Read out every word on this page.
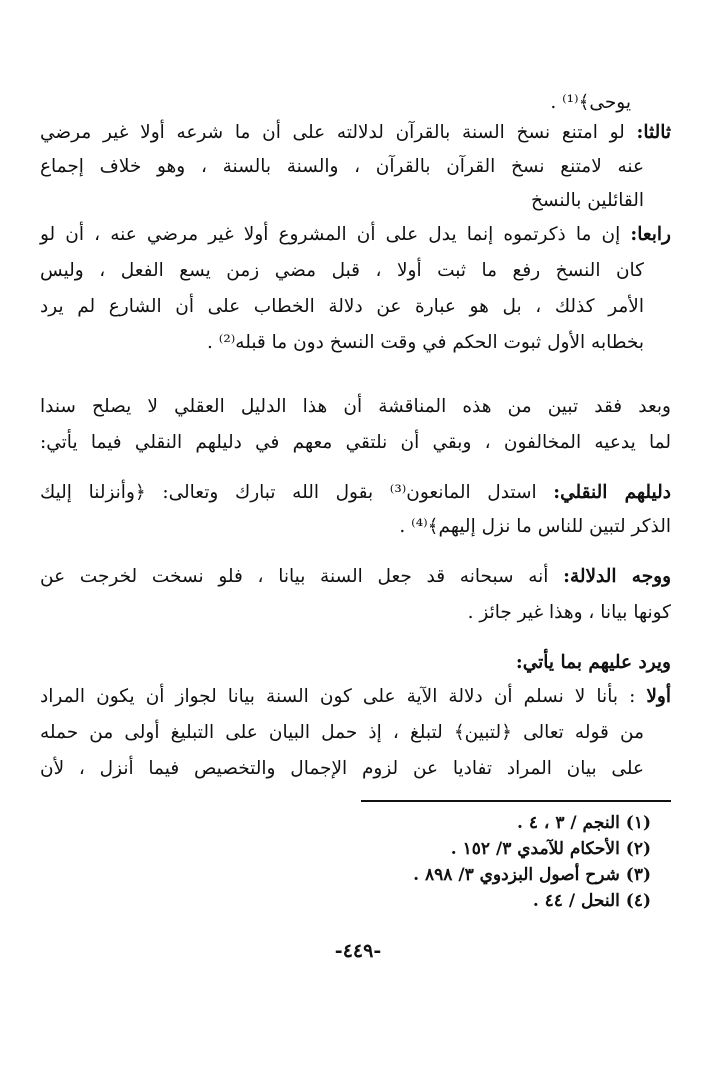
يوحى﴾⁽¹⁾ .
ثالثا: لو امتنع نسخ السنة بالقرآن لدلالته على أن ما شرعه أولا غير مرضي
عنه لامتنع نسخ القرآن بالقرآن ، والسنة بالسنة ، وهو خلاف إجماع
القائلين بالنسخ
رابعا: إن ما ذكرتموه إنما يدل على أن المشروع أولا غير مرضي عنه ، أن لو
كان النسخ رفع ما ثبت أولا ، قبل مضي زمن يسع الفعل ، وليس
الأمر كذلك ، بل هو عبارة عن دلالة الخطاب على أن الشارع لم يرد
بخطابه الأول ثبوت الحكم في وقت النسخ دون ما قبله⁽²⁾ .
وبعد فقد تبين من هذه المناقشة أن هذا الدليل العقلي لا يصلح سندا
لما يدعيه المخالفون ، وبقي أن نلتقي معهم في دليلهم النقلي فيما يأتي:
دليلهم النقلي: استدل المانعون⁽³⁾ بقول الله تبارك وتعالى: ﴿وأنزلنا إليك
الذكر لتبين للناس ما نزل إليهم﴾⁽⁴⁾ .
ووجه الدلالة: أنه سبحانه قد جعل السنة بيانا ، فلو نسخت لخرجت عن
كونها بيانا ، وهذا غير جائز .
ويرد عليهم بما يأتي:
أولا : بأنا لا نسلم أن دلالة الآية على كون السنة بيانا لجواز أن يكون المراد
من قوله تعالى ﴿لتبين﴾ لتبلغ ، إذ حمل البيان على التبليغ أولى من حمله
على بيان المراد تفاديا عن لزوم الإجمال والتخصيص فيما أنزل ، لأن
(١) النجم / ٣ ، ٤ .
(٢) الأحكام للآمدي ٣/ ١٥٢ .
(٣) شرح أصول البزدوي ٣/ ٨٩٨ .
(٤) النحل / ٤٤ .
-٤٤٩-
